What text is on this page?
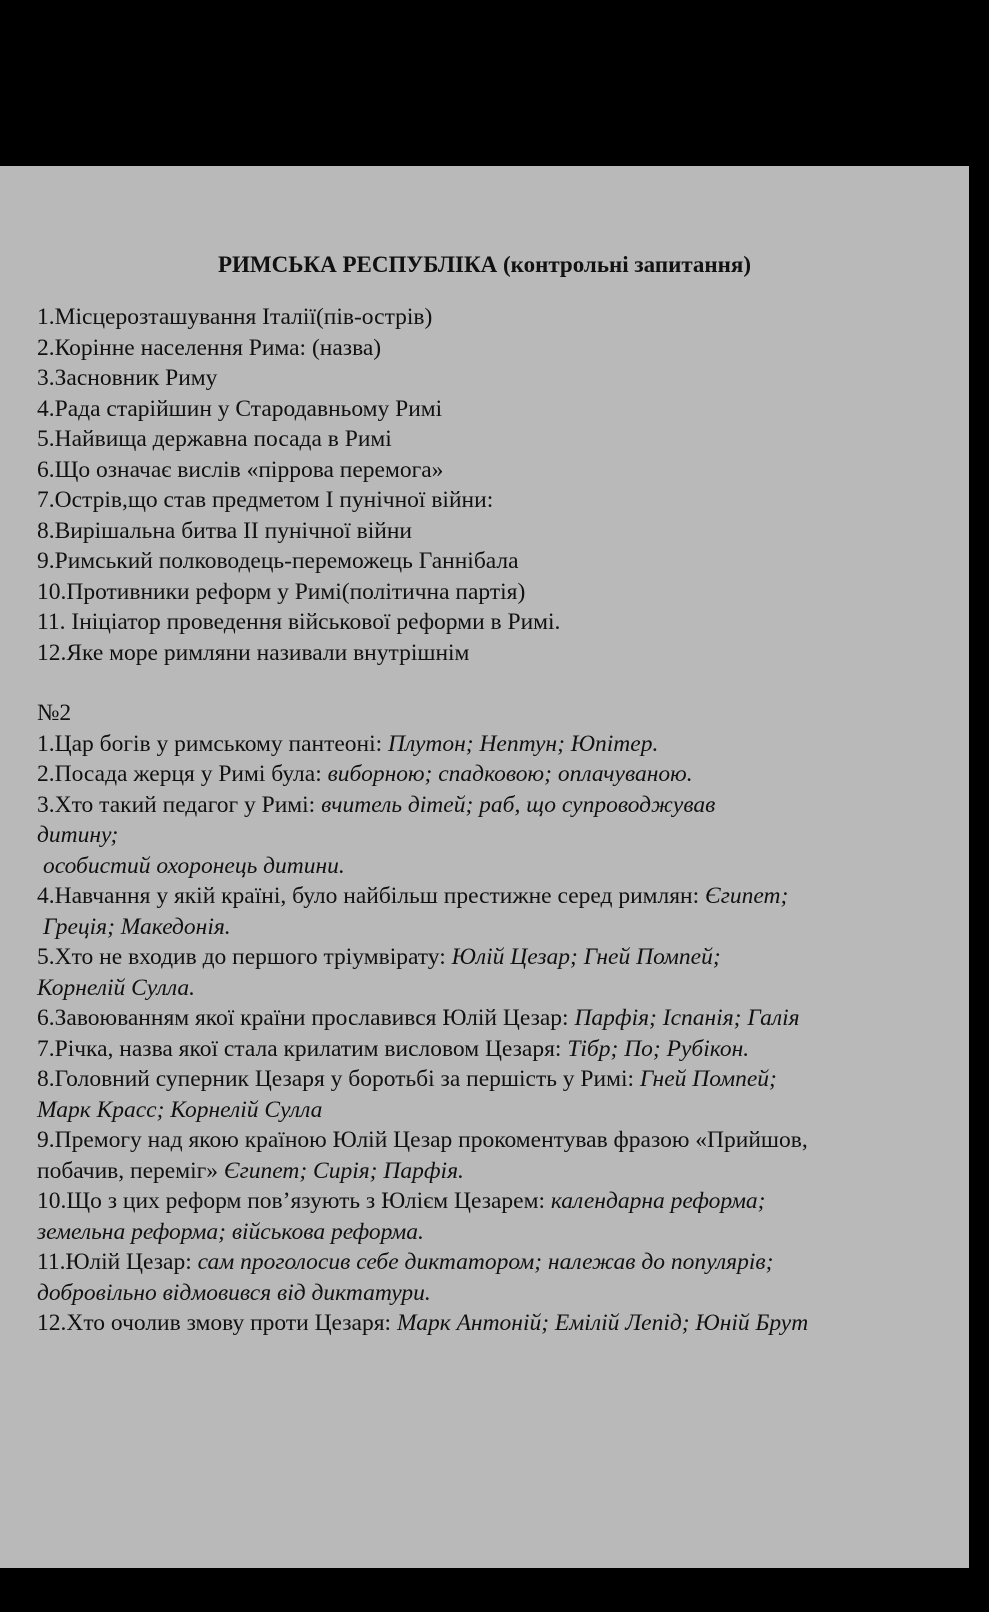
РИМСЬКА РЕСПУБЛІКА (контрольні запитання)
1.Місцерозташування Італії(пів-острів)
2.Корінне населення Рима: (назва)
3.Засновник Риму
4.Рада старійшин у Стародавньому Римі
5.Найвища державна посада в Римі
6.Що означає вислів «піррова перемога»
7.Острів,що став предметом І пунічної війни:
8.Вирішальна битва ІІ пунічної війни
9.Римський полководець-переможець Ганнібала
10.Противники реформ у Римі(політична партія)
11. Ініціатор проведення військової реформи в Римі.
12.Яке море римляни називали внутрішнім
№2
1.Цар богів у римському пантеоні: Плутон; Нептун; Юпітер.
2.Посада жерця у Римі була: виборною; спадковою; оплачуваною.
3.Хто такий педагог у Римі: вчитель дітей; раб, що супроводжував
дитину;
особистий охоронець дитини.
4.Навчання у якій країні, було найбільш престижне серед римлян: Єгипет;
Греція; Македонія.
5.Хто не входив до першого тріумвірату: Юлій Цезар; Гней Помпей;
Корнелій Сулла.
6.Завоюванням якої країни прославився Юлій Цезар: Парфія; Іспанія; Галія
7.Річка, назва якої стала крилатим висловом Цезаря: Тібр; По; Рубікон.
8.Головний суперник Цезаря у боротьбі за першість у Римі: Гней Помпей;
Марк Красс; Корнелій Сулла
9.Премогу над якою країною Юлій Цезар прокоментував фразою «Прийшов,
побачив, переміг» Єгипет; Сирія; Парфія.
10.Що з цих реформ пов’язують з Юлієм Цезарем: календарна реформа;
земельна реформа; військова реформа.
11.Юлій Цезар: сам проголосив себе диктатором; належав до популярів;
добровільно відмовився від диктатури.
12.Хто очолив змову проти Цезаря: Марк Антоній; Емілій Лепід; Юній Брут
